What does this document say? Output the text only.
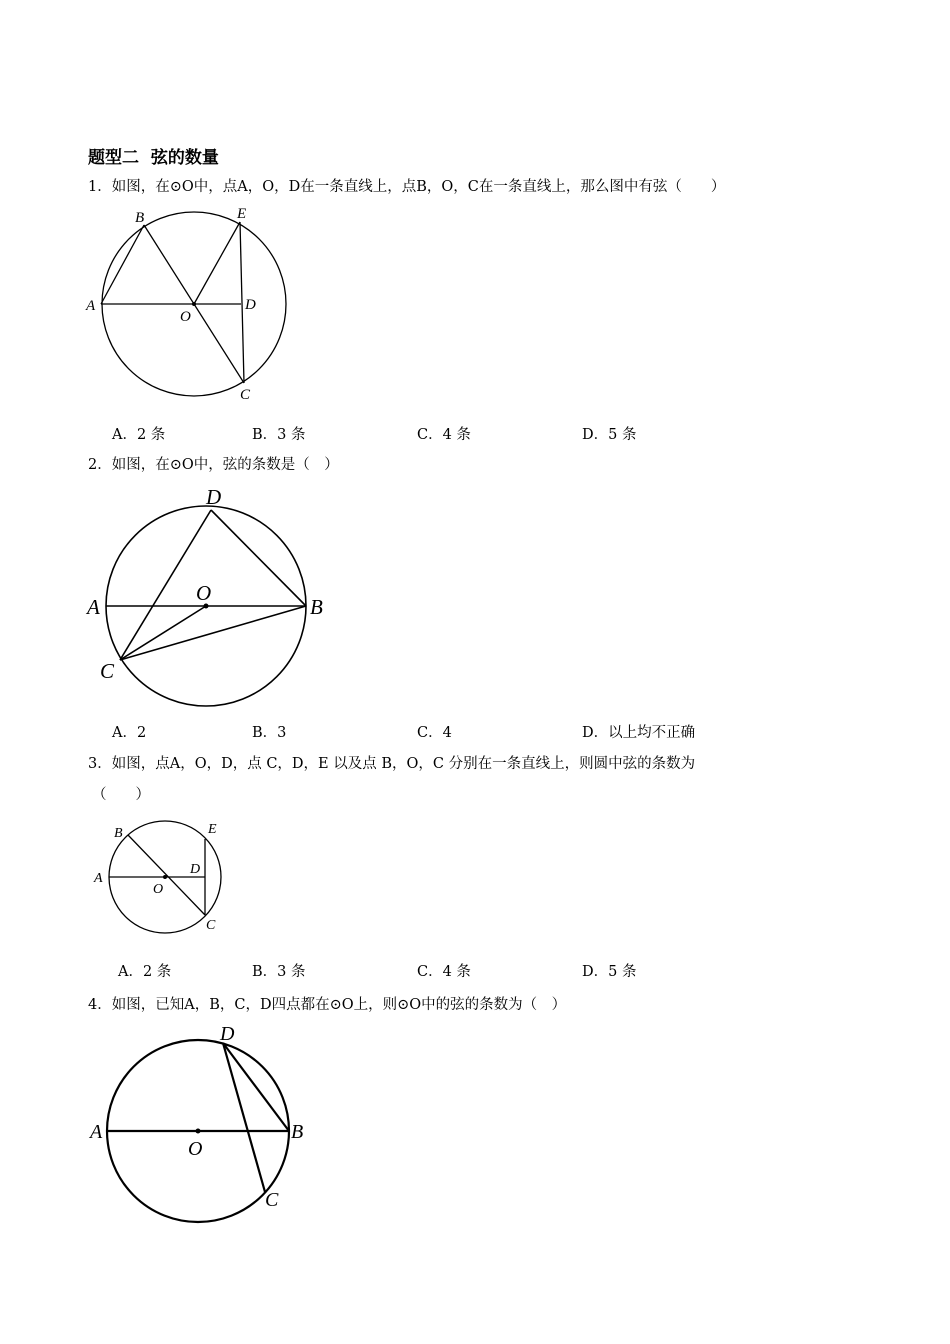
题型二  弦的数量
1．如图，在⊙O中，点A，O，D在一条直线上，点B，O，C在一条直线上，那么图中有弦（　　）
A
B	E
O
D
C
A．2 条	B．3 条	C．4 条	D．5 条
2．如图，在⊙O中，弦的条数是（　）
D
A
O
B
C
A．2	B．3	C．4	D．以上均不正确
3．如图，点A，O，D，点 C，D，E 以及点 B，O，C 分别在一条直线上，则圆中弦的条数为
（　　）
B	E
D
A
O
C
A．2 条	B．3 条	C．4 条	D．5 条
4．如图，已知A，B，C，D四点都在⊙O上，则⊙O中的弦的条数为（　）
D
A
O
B
C
